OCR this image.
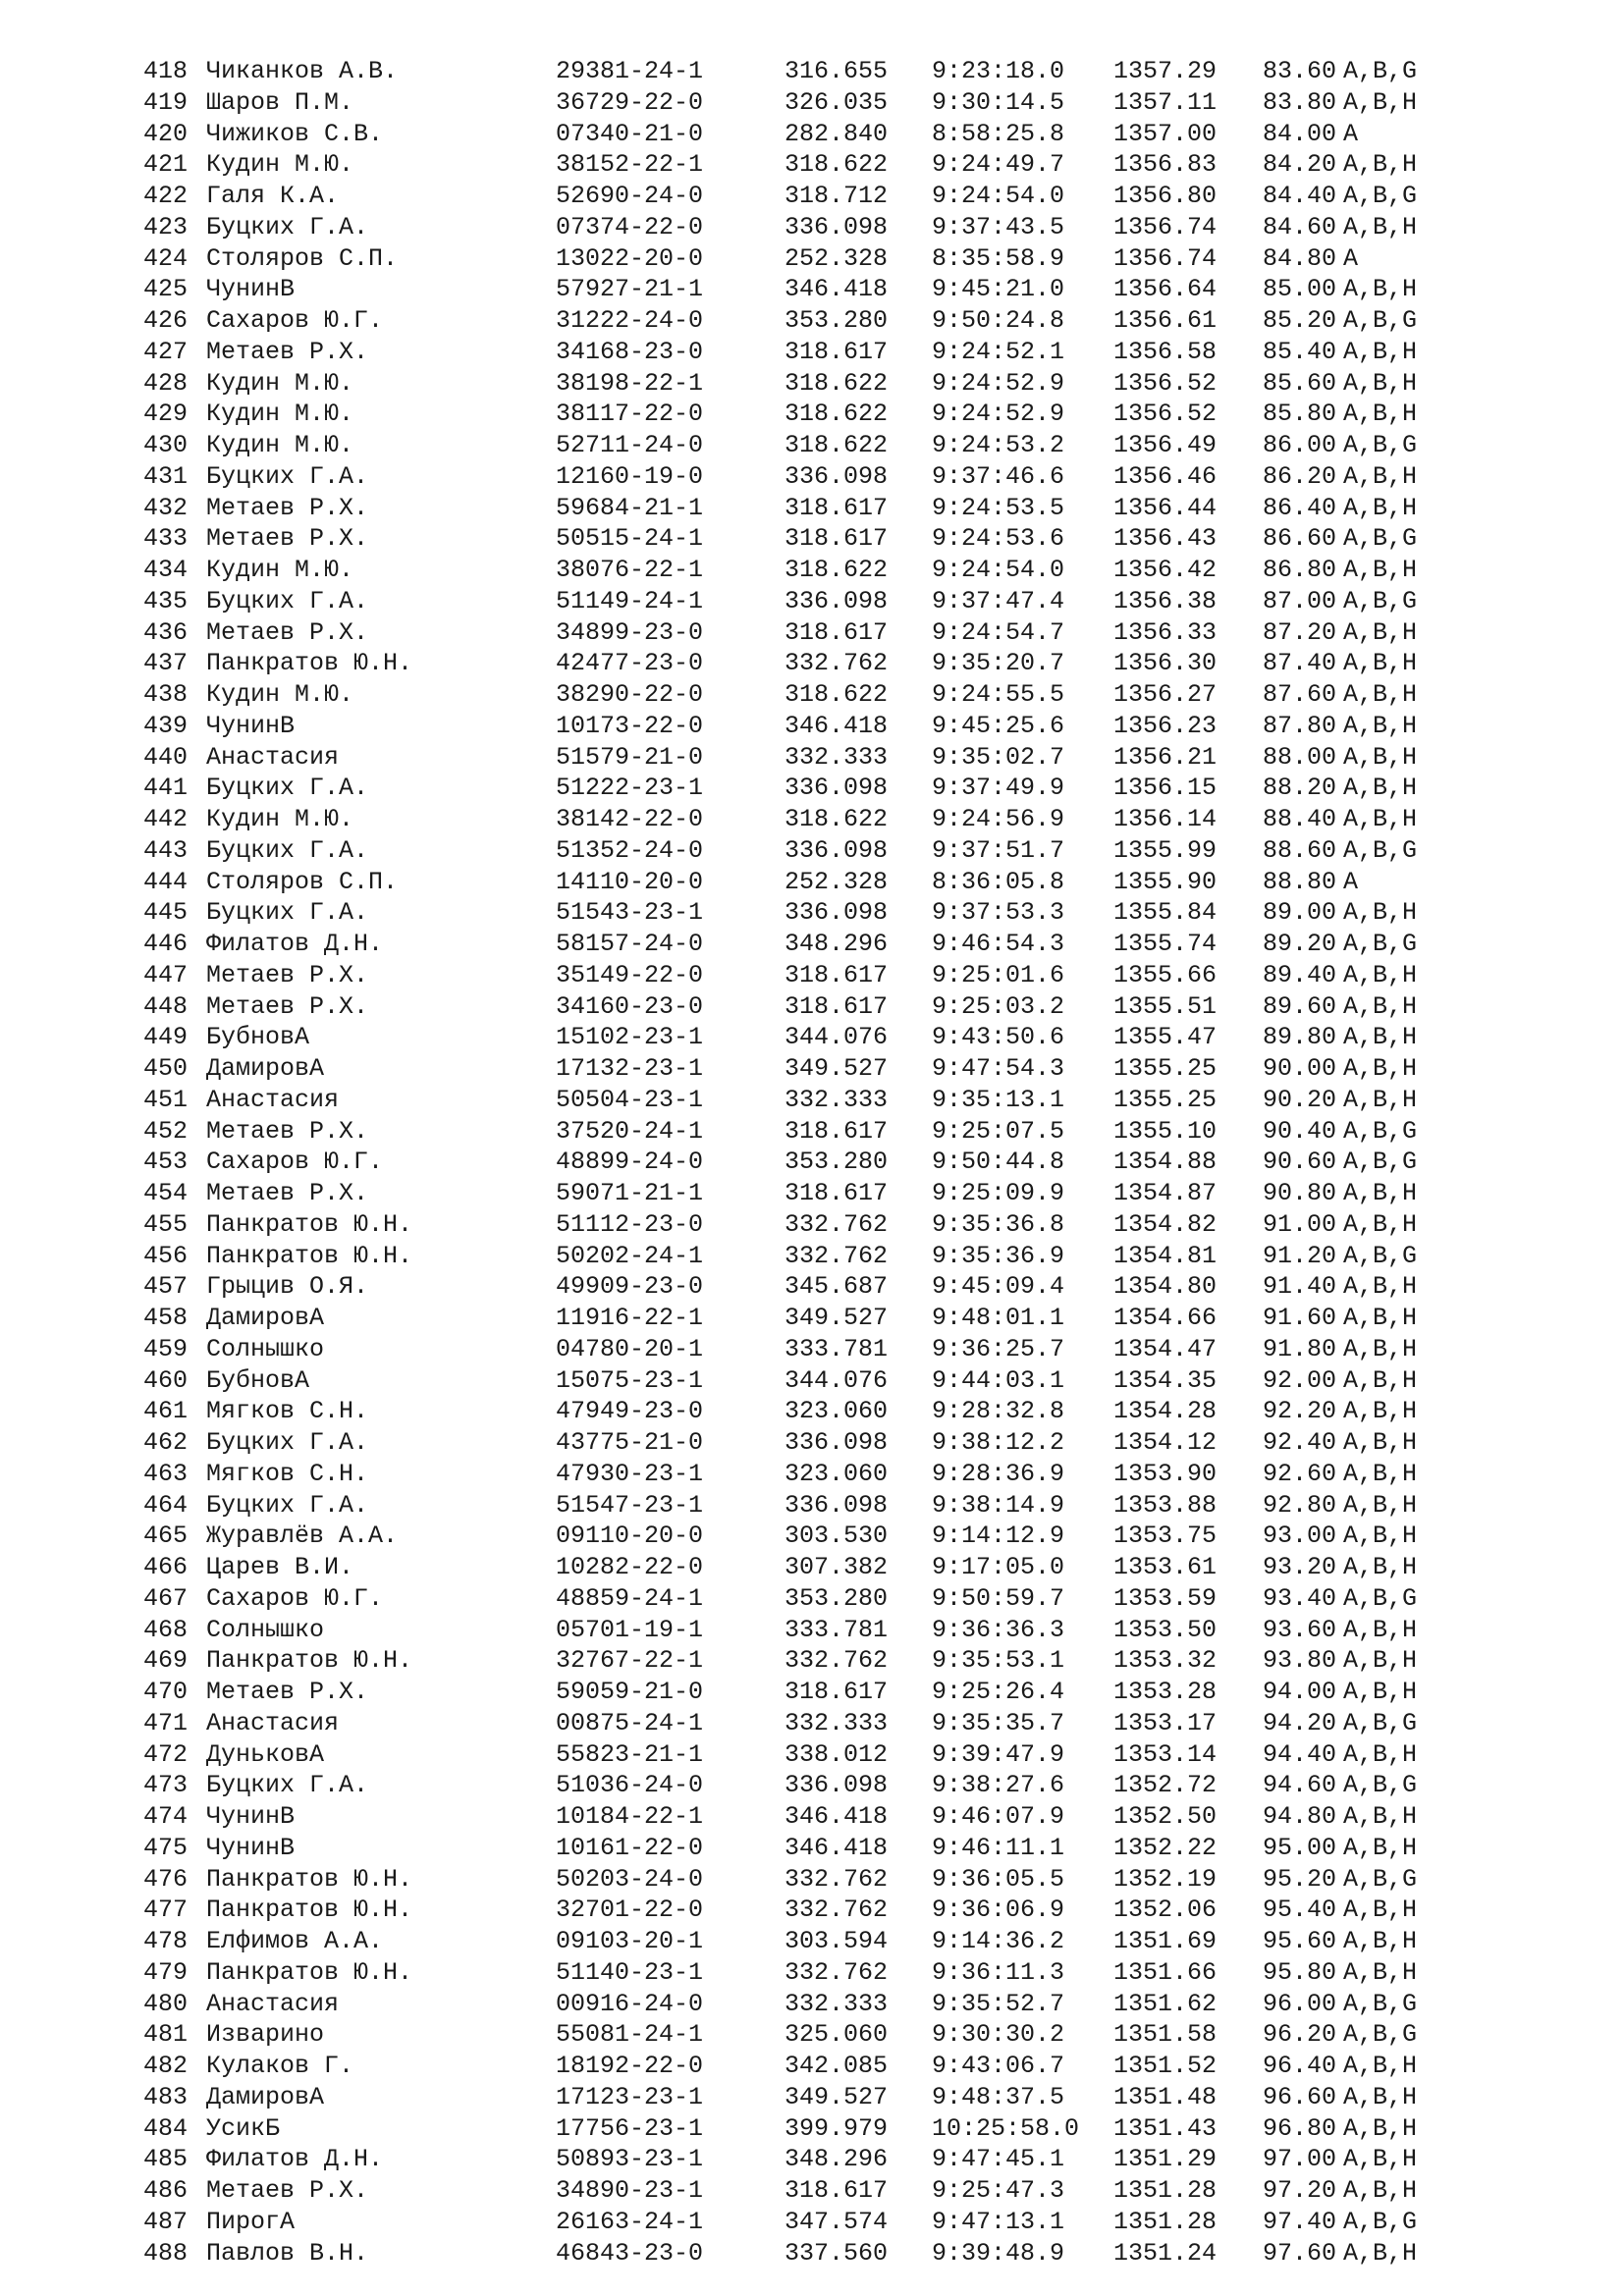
418 Чиканков А.В.	29381-24-1	316.655	9:23:18.0	1357.29	83.60 A,B,G
419 Шаров П.М.	36729-22-0	326.035	9:30:14.5	1357.11	83.80 A,B,H
420 Чижиков С.В.	07340-21-0	282.840	8:58:25.8	1357.00	84.00 A
421 Кудин М.Ю.	38152-22-1	318.622	9:24:49.7	1356.83	84.20 A,B,H
422 Галя К.А.	52690-24-0	318.712	9:24:54.0	1356.80	84.40 A,B,G
423 Буцких Г.А.	07374-22-0	336.098	9:37:43.5	1356.74	84.60 A,B,H
424 Столяров С.П.	13022-20-0	252.328	8:35:58.9	1356.74	84.80 A
425 ЧунинВ	57927-21-1	346.418	9:45:21.0	1356.64	85.00 A,B,H
426 Сахаров Ю.Г.	31222-24-0	353.280	9:50:24.8	1356.61	85.20 A,B,G
427 Метаев Р.Х.	34168-23-0	318.617	9:24:52.1	1356.58	85.40 A,B,H
428 Кудин М.Ю.	38198-22-1	318.622	9:24:52.9	1356.52	85.60 A,B,H
429 Кудин М.Ю.	38117-22-0	318.622	9:24:52.9	1356.52	85.80 A,B,H
430 Кудин М.Ю.	52711-24-0	318.622	9:24:53.2	1356.49	86.00 A,B,G
431 Буцких Г.А.	12160-19-0	336.098	9:37:46.6	1356.46	86.20 A,B,H
432 Метаев Р.Х.	59684-21-1	318.617	9:24:53.5	1356.44	86.40 A,B,H
433 Метаев Р.Х.	50515-24-1	318.617	9:24:53.6	1356.43	86.60 A,B,G
434 Кудин М.Ю.	38076-22-1	318.622	9:24:54.0	1356.42	86.80 A,B,H
435 Буцких Г.А.	51149-24-1	336.098	9:37:47.4	1356.38	87.00 A,B,G
436 Метаев Р.Х.	34899-23-0	318.617	9:24:54.7	1356.33	87.20 A,B,H
437 Панкратов Ю.Н.	42477-23-0	332.762	9:35:20.7	1356.30	87.40 A,B,H
438 Кудин М.Ю.	38290-22-0	318.622	9:24:55.5	1356.27	87.60 A,B,H
439 ЧунинВ	10173-22-0	346.418	9:45:25.6	1356.23	87.80 A,B,H
440 Анастасия	51579-21-0	332.333	9:35:02.7	1356.21	88.00 A,B,H
441 Буцких Г.А.	51222-23-1	336.098	9:37:49.9	1356.15	88.20 A,B,H
442 Кудин М.Ю.	38142-22-0	318.622	9:24:56.9	1356.14	88.40 A,B,H
443 Буцких Г.А.	51352-24-0	336.098	9:37:51.7	1355.99	88.60 A,B,G
444 Столяров С.П.	14110-20-0	252.328	8:36:05.8	1355.90	88.80 A
445 Буцких Г.А.	51543-23-1	336.098	9:37:53.3	1355.84	89.00 A,B,H
446 Филатов Д.Н.	58157-24-0	348.296	9:46:54.3	1355.74	89.20 A,B,G
447 Метаев Р.Х.	35149-22-0	318.617	9:25:01.6	1355.66	89.40 A,B,H
448 Метаев Р.Х.	34160-23-0	318.617	9:25:03.2	1355.51	89.60 A,B,H
449 БубновА	15102-23-1	344.076	9:43:50.6	1355.47	89.80 A,B,H
450 ДамировА	17132-23-1	349.527	9:47:54.3	1355.25	90.00 A,B,H
451 Анастасия	50504-23-1	332.333	9:35:13.1	1355.25	90.20 A,B,H
452 Метаев Р.Х.	37520-24-1	318.617	9:25:07.5	1355.10	90.40 A,B,G
453 Сахаров Ю.Г.	48899-24-0	353.280	9:50:44.8	1354.88	90.60 A,B,G
454 Метаев Р.Х.	59071-21-1	318.617	9:25:09.9	1354.87	90.80 A,B,H
455 Панкратов Ю.Н.	51112-23-0	332.762	9:35:36.8	1354.82	91.00 A,B,H
456 Панкратов Ю.Н.	50202-24-1	332.762	9:35:36.9	1354.81	91.20 A,B,G
457 Грыцив О.Я.	49909-23-0	345.687	9:45:09.4	1354.80	91.40 A,B,H
458 ДамировА	11916-22-1	349.527	9:48:01.1	1354.66	91.60 A,B,H
459 Солнышко	04780-20-1	333.781	9:36:25.7	1354.47	91.80 A,B,H
460 БубновА	15075-23-1	344.076	9:44:03.1	1354.35	92.00 A,B,H
461 Мягков С.Н.	47949-23-0	323.060	9:28:32.8	1354.28	92.20 A,B,H
462 Буцких Г.А.	43775-21-0	336.098	9:38:12.2	1354.12	92.40 A,B,H
463 Мягков С.Н.	47930-23-1	323.060	9:28:36.9	1353.90	92.60 A,B,H
464 Буцких Г.А.	51547-23-1	336.098	9:38:14.9	1353.88	92.80 A,B,H
465 Журавлёв А.А.	09110-20-0	303.530	9:14:12.9	1353.75	93.00 A,B,H
466 Царев В.И.	10282-22-0	307.382	9:17:05.0	1353.61	93.20 A,B,H
467 Сахаров Ю.Г.	48859-24-1	353.280	9:50:59.7	1353.59	93.40 A,B,G
468 Солнышко	05701-19-1	333.781	9:36:36.3	1353.50	93.60 A,B,H
469 Панкратов Ю.Н.	32767-22-1	332.762	9:35:53.1	1353.32	93.80 A,B,H
470 Метаев Р.Х.	59059-21-0	318.617	9:25:26.4	1353.28	94.00 A,B,H
471 Анастасия	00875-24-1	332.333	9:35:35.7	1353.17	94.20 A,B,G
472 ДуньковА	55823-21-1	338.012	9:39:47.9	1353.14	94.40 A,B,H
473 Буцких Г.А.	51036-24-0	336.098	9:38:27.6	1352.72	94.60 A,B,G
474 ЧунинВ	10184-22-1	346.418	9:46:07.9	1352.50	94.80 A,B,H
475 ЧунинВ	10161-22-0	346.418	9:46:11.1	1352.22	95.00 A,B,H
476 Панкратов Ю.Н.	50203-24-0	332.762	9:36:05.5	1352.19	95.20 A,B,G
477 Панкратов Ю.Н.	32701-22-0	332.762	9:36:06.9	1352.06	95.40 A,B,H
478 Елфимов А.А.	09103-20-1	303.594	9:14:36.2	1351.69	95.60 A,B,H
479 Панкратов Ю.Н.	51140-23-1	332.762	9:36:11.3	1351.66	95.80 A,B,H
480 Анастасия	00916-24-0	332.333	9:35:52.7	1351.62	96.00 A,B,G
481 Изварино	55081-24-1	325.060	9:30:30.2	1351.58	96.20 A,B,G
482 Кулаков Г.	18192-22-0	342.085	9:43:06.7	1351.52	96.40 A,B,H
483 ДамировА	17123-23-1	349.527	9:48:37.5	1351.48	96.60 A,B,H
484 УсикБ	17756-23-1	399.979	10:25:58.0	1351.43	96.80 A,B,H
485 Филатов Д.Н.	50893-23-1	348.296	9:47:45.1	1351.29	97.00 A,B,H
486 Метаев Р.Х.	34890-23-1	318.617	9:25:47.3	1351.28	97.20 A,B,H
487 ПирогА	26163-24-1	347.574	9:47:13.1	1351.28	97.40 A,B,G
488 Павлов В.Н.	46843-23-0	337.560	9:39:48.9	1351.24	97.60 A,B,H
